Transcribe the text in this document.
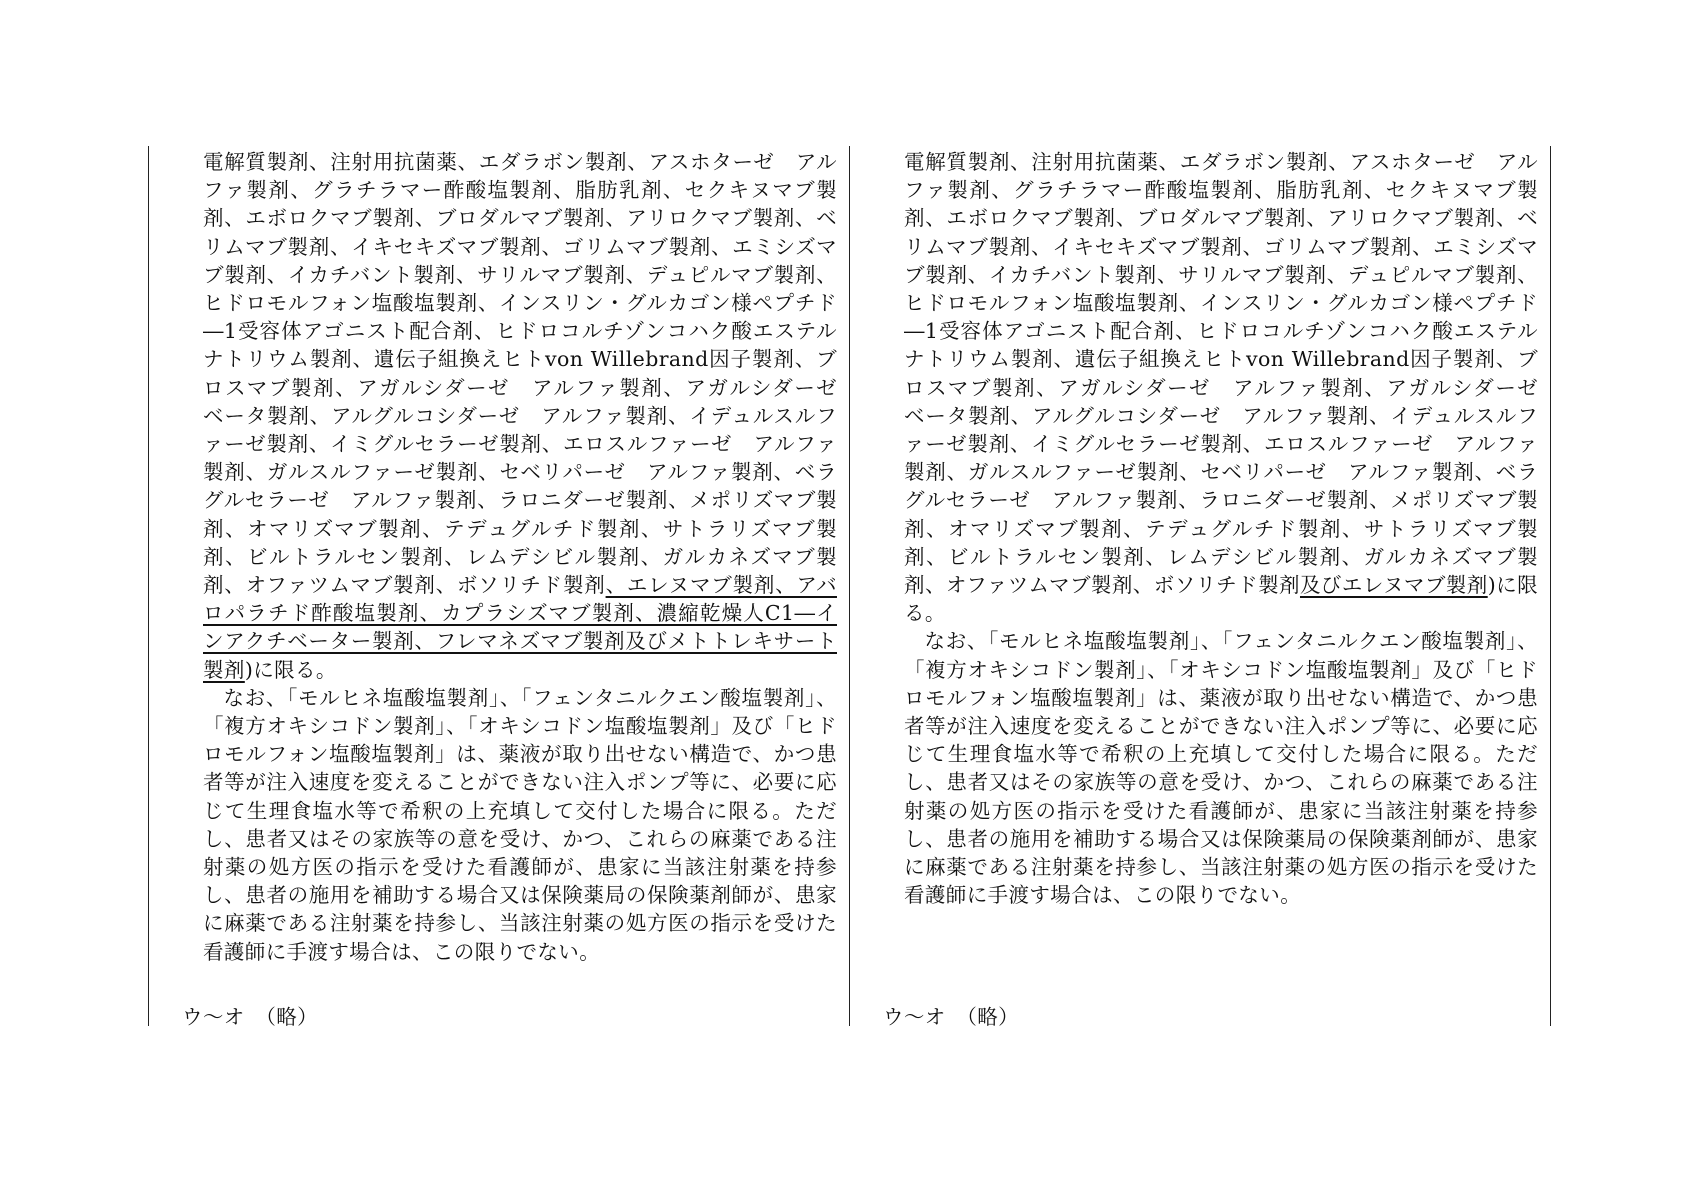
電解質製剤、注射用抗菌薬、エダラボン製剤、アスホターゼ　アルファ製剤、グラチラマー酢酸塩製剤、脂肪乳剤、セクキヌマブ製剤、エボロクマブ製剤、ブロダルマブ製剤、アリロクマブ製剤、ベリムマブ製剤、イキセキズマブ製剤、ゴリムマブ製剤、エミシズマブ製剤、イカチバント製剤、サリルマブ製剤、デュピルマブ製剤、ヒドロモルフォン塩酸塩製剤、インスリン・グルカゴン様ペプチド―1受容体アゴニスト配合剤、ヒドロコルチゾンコハク酸エステルナトリウム製剤、遺伝子組換えヒトvon Willebrand因子製剤、ブロスマブ製剤、アガルシダーゼ　アルファ製剤、アガルシダーゼ　ベータ製剤、アルグルコシダーゼ　アルファ製剤、イデュルスルファーゼ製剤、イミグルセラーゼ製剤、エロスルファーゼ　アルファ製剤、ガルスルファーゼ製剤、セベリパーゼ　アルファ製剤、ベラグルセラーゼ　アルファ製剤、ラロニダーゼ製剤、メポリズマブ製剤、オマリズマブ製剤、テデュグルチド製剤、サトラリズマブ製剤、ビルトラルセン製剤、レムデシビル製剤、ガルカネズマブ製剤、オファツムマブ製剤、ボソリチド製剤、エレヌマブ製剤、アバロパラチド酢酸塩製剤、カプラシズマブ製剤、濃縮乾燥人C1―インアクチベーター製剤、フレマネズマブ製剤及びメトトレキサート製剤)に限る。

なお、「モルヒネ塩酸塩製剤」、「フェンタニルクエン酸塩製剤」、「複方オキシコドン製剤」、「オキシコドン塩酸塩製剤」及び「ヒドロモルフォン塩酸塩製剤」は、薬液が取り出せない構造で、かつ患者等が注入速度を変えることができない注入ポンプ等に、必要に応じて生理食塩水等で希釈の上充填して交付した場合に限る。ただし、患者又はその家族等の意を受け、かつ、これらの麻薬である注射薬の処方医の指示を受けた看護師が、患家に当該注射薬を持参し、患者の施用を補助する場合又は保険薬局の保険薬剤師が、患家に麻薬である注射薬を持参し、当該注射薬の処方医の指示を受けた看護師に手渡す場合は、この限りでない。

ウ～オ　（略）

電解質製剤、注射用抗菌薬、エダラボン製剤、アスホターゼ　アルファ製剤、グラチラマー酢酸塩製剤、脂肪乳剤、セクキヌマブ製剤、エボロクマブ製剤、ブロダルマブ製剤、アリロクマブ製剤、ベリムマブ製剤、イキセキズマブ製剤、ゴリムマブ製剤、エミシズマブ製剤、イカチバント製剤、サリルマブ製剤、デュピルマブ製剤、ヒドロモルフォン塩酸塩製剤、インスリン・グルカゴン様ペプチド―1受容体アゴニスト配合剤、ヒドロコルチゾンコハク酸エステルナトリウム製剤、遺伝子組換えヒトvon Willebrand因子製剤、ブロスマブ製剤、アガルシダーゼ　アルファ製剤、アガルシダーゼ　ベータ製剤、アルグルコシダーゼ　アルファ製剤、イデュルスルファーゼ製剤、イミグルセラーゼ製剤、エロスルファーゼ　アルファ製剤、ガルスルファーゼ製剤、セベリパーゼ　アルファ製剤、ベラグルセラーゼ　アルファ製剤、ラロニダーゼ製剤、メポリズマブ製剤、オマリズマブ製剤、テデュグルチド製剤、サトラリズマブ製剤、ビルトラルセン製剤、レムデシビル製剤、ガルカネズマブ製剤、オファツムマブ製剤、ボソリチド製剤及びエレヌマブ製剤)に限る。

なお、「モルヒネ塩酸塩製剤」、「フェンタニルクエン酸塩製剤」、「複方オキシコドン製剤」、「オキシコドン塩酸塩製剤」及び「ヒドロモルフォン塩酸塩製剤」は、薬液が取り出せない構造で、かつ患者等が注入速度を変えることができない注入ポンプ等に、必要に応じて生理食塩水等で希釈の上充填して交付した場合に限る。ただし、患者又はその家族等の意を受け、かつ、これらの麻薬である注射薬の処方医の指示を受けた看護師が、患家に当該注射薬を持参し、患者の施用を補助する場合又は保険薬局の保険薬剤師が、患家に麻薬である注射薬を持参し、当該注射薬の処方医の指示を受けた看護師に手渡す場合は、この限りでない。

ウ～オ　（略）
